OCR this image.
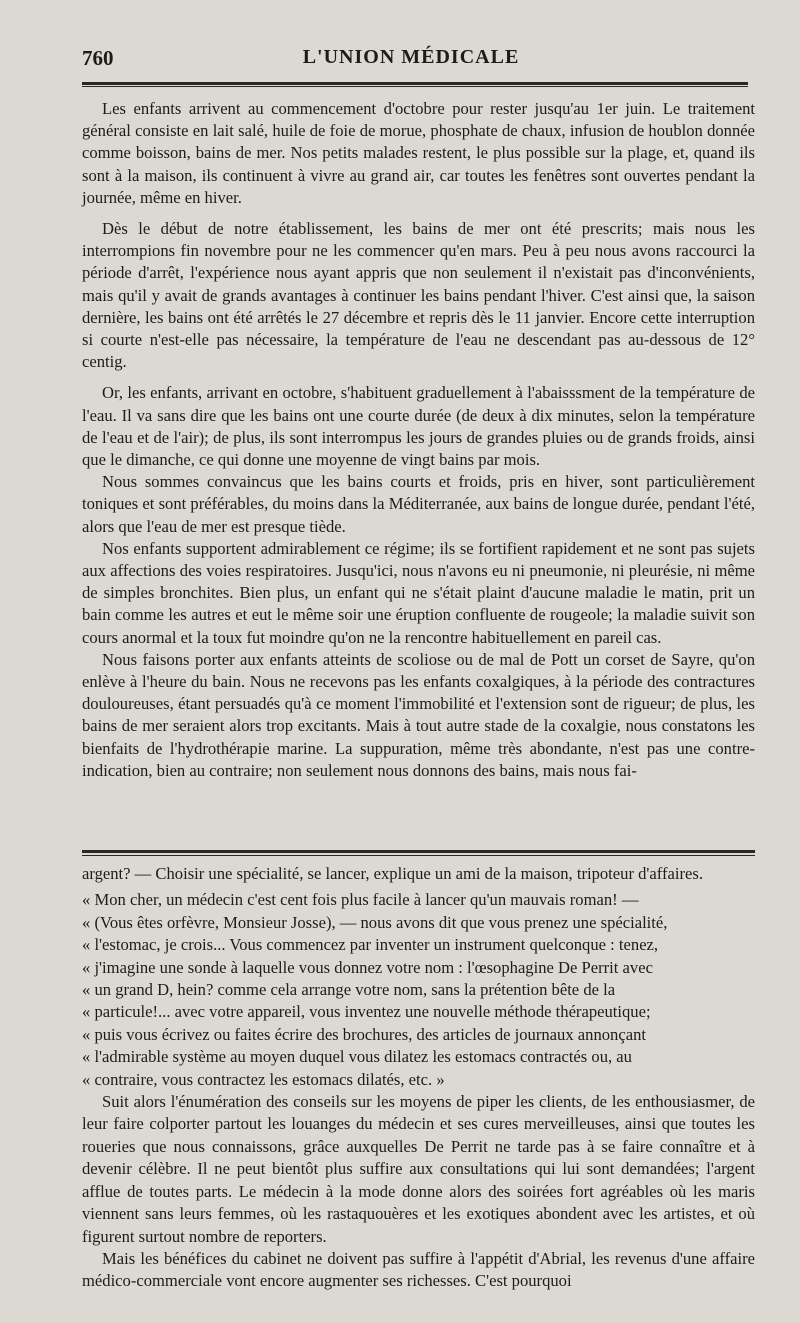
760	L'UNION MÉDICALE

Les enfants arrivent au commencement d'octobre pour rester jusqu'au 1er juin. Le traitement général consiste en lait salé, huile de foie de morue, phosphate de chaux, infusion de houblon donnée comme boisson, bains de mer. Nos petits malades restent, le plus possible sur la plage, et, quand ils sont à la maison, ils continuent à vivre au grand air, car toutes les fenêtres sont ouvertes pendant la journée, même en hiver.

Dès le début de notre établissement, les bains de mer ont été prescrits; mais nous les interrompions fin novembre pour ne les commencer qu'en mars. Peu à peu nous avons raccourci la période d'arrêt, l'expérience nous ayant appris que non seulement il n'existait pas d'inconvénients, mais qu'il y avait de grands avantages à continuer les bains pendant l'hiver. C'est ainsi que, la saison dernière, les bains ont été arrêtés le 27 décembre et repris dès le 11 janvier. Encore cette interruption si courte n'est-elle pas nécessaire, la température de l'eau ne descendant pas au-dessous de 12° centig.

Or, les enfants, arrivant en octobre, s'habituent graduellement à l'abaisssment de la température de l'eau. Il va sans dire que les bains ont une courte durée (de deux à dix minutes, selon la température de l'eau et de l'air); de plus, ils sont interrompus les jours de grandes pluies ou de grands froids, ainsi que le dimanche, ce qui donne une moyenne de vingt bains par mois.

Nous sommes convaincus que les bains courts et froids, pris en hiver, sont particulièrement toniques et sont préférables, du moins dans la Méditerranée, aux bains de longue durée, pendant l'été, alors que l'eau de mer est presque tiède.

Nos enfants supportent admirablement ce régime; ils se fortifient rapidement et ne sont pas sujets aux affections des voies respiratoires. Jusqu'ici, nous n'avons eu ni pneumonie, ni pleurésie, ni même de simples bronchites. Bien plus, un enfant qui ne s'était plaint d'aucune maladie le matin, prit un bain comme les autres et eut le même soir une éruption confluente de rougeole; la maladie suivit son cours anormal et la toux fut moindre qu'on ne la rencontre habituellement en pareil cas.

Nous faisons porter aux enfants atteints de scoliose ou de mal de Pott un corset de Sayre, qu'on enlève à l'heure du bain. Nous ne recevons pas les enfants coxalgiques, à la période des contractures douloureuses, étant persuadés qu'à ce moment l'immobilité et l'extension sont de rigueur; de plus, les bains de mer seraient alors trop excitants. Mais à tout autre stade de la coxalgie, nous constatons les bienfaits de l'hydrothérapie marine. La suppuration, même très abondante, n'est pas une contre-indication, bien au contraire; non seulement nous donnons des bains, mais nous fai-

argent? — Choisir une spécialité, se lancer, explique un ami de la maison, tripoteur d'affaires.

« Mon cher, un médecin c'est cent fois plus facile à lancer qu'un mauvais roman! —
« (Vous êtes orfèvre, Monsieur Josse), — nous avons dit que vous prenez une spécialité,
« l'estomac, je crois... Vous commencez par inventer un instrument quelconque : tenez,
« j'imagine une sonde à laquelle vous donnez votre nom : l'œsophagine De Perrit avec
« un grand D, hein? comme cela arrange votre nom, sans la prétention bête de la
« particule!... avec votre appareil, vous inventez une nouvelle méthode thérapeutique;
« puis vous écrivez ou faites écrire des brochures, des articles de journaux annonçant
« l'admirable système au moyen duquel vous dilatez les estomacs contractés ou, au
« contraire, vous contractez les estomacs dilatés, etc. »

Suit alors l'énumération des conseils sur les moyens de piper les clients, de les enthousiasmer, de leur faire colporter partout les louanges du médecin et ses cures merveilleuses, ainsi que toutes les roueries que nous connaissons, grâce auxquelles De Perrit ne tarde pas à se faire connaître et à devenir célèbre. Il ne peut bientôt plus suffire aux consultations qui lui sont demandées; l'argent afflue de toutes parts. Le médecin à la mode donne alors des soirées fort agréables où les maris viennent sans leurs femmes, où les rastaquouères et les exotiques abondent avec les artistes, et où figurent surtout nombre de reporters.

Mais les bénéfices du cabinet ne doivent pas suffire à l'appétit d'Abrial, les revenus d'une affaire médico-commerciale vont encore augmenter ses richesses. C'est pourquoi
